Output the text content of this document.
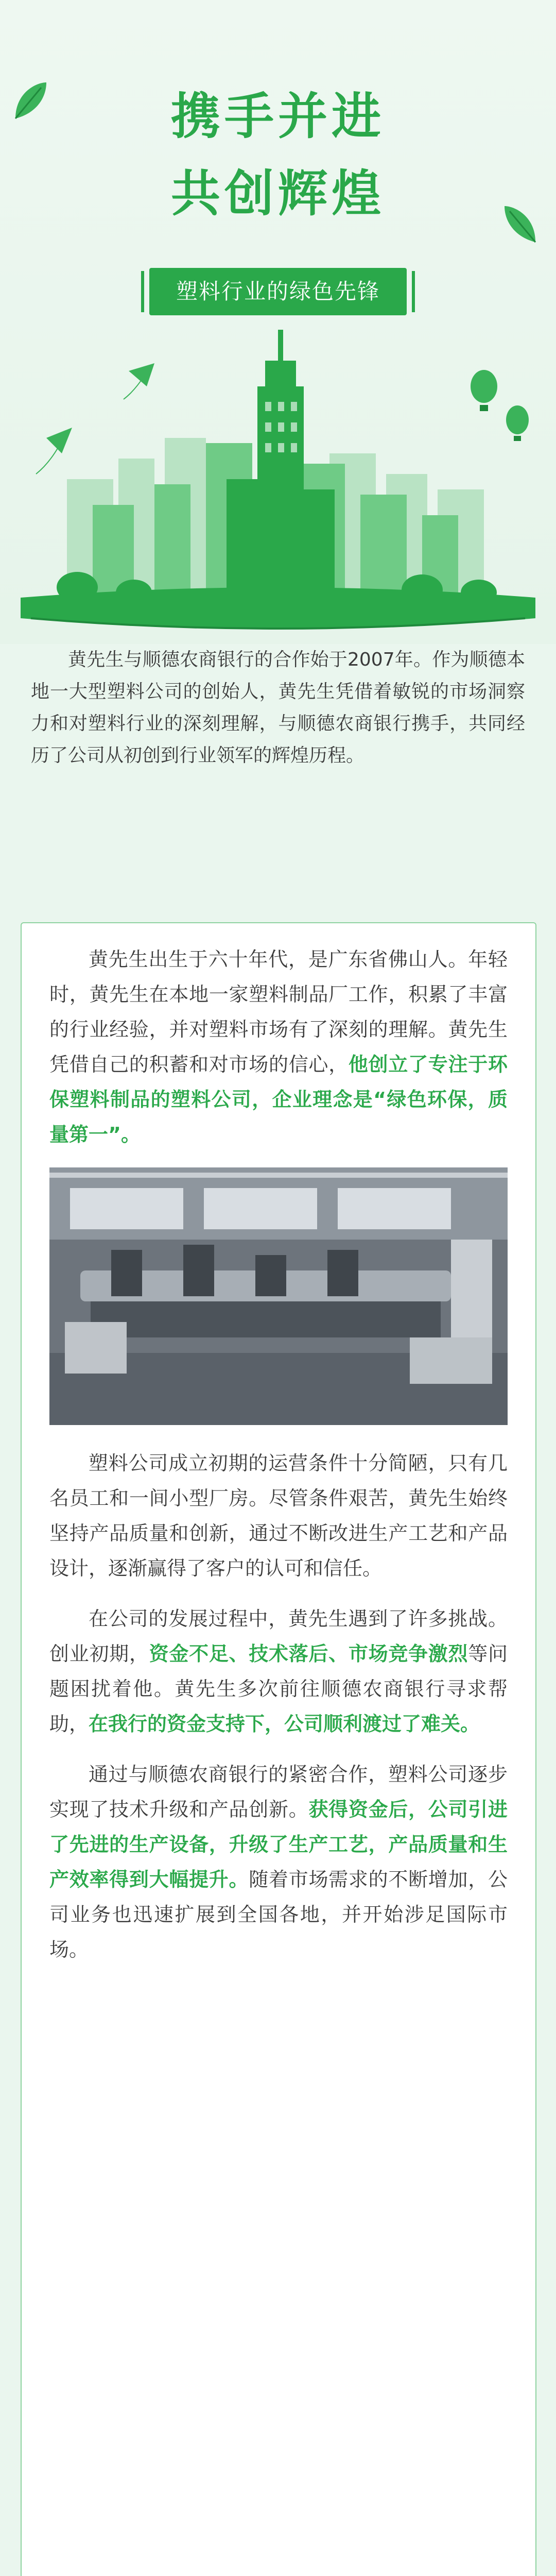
携手并进
共创辉煌
塑料行业的绿色先锋

黄先生与顺德农商银行的合作始于2007年。作为顺德本地一大型塑料公司的创始人，黄先生凭借着敏锐的市场洞察力和对塑料行业的深刻理解，与顺德农商银行携手，共同经历了公司从初创到行业领军的辉煌历程。

黄先生出生于六十年代，是广东省佛山人。年轻时，黄先生在本地一家塑料制品厂工作，积累了丰富的行业经验，并对塑料市场有了深刻的理解。黄先生凭借自己的积蓄和对市场的信心，他创立了专注于环保塑料制品的塑料公司，企业理念是“绿色环保，质量第一”。

塑料公司成立初期的运营条件十分简陋，只有几名员工和一间小型厂房。尽管条件艰苦，黄先生始终坚持产品质量和创新，通过不断改进生产工艺和产品设计，逐渐赢得了客户的认可和信任。

在公司的发展过程中，黄先生遇到了许多挑战。创业初期，资金不足、技术落后、市场竞争激烈等问题困扰着他。黄先生多次前往顺德农商银行寻求帮助，在我行的资金支持下，公司顺利渡过了难关。

通过与顺德农商银行的紧密合作，塑料公司逐步实现了技术升级和产品创新。获得资金后，公司引进了先进的生产设备，升级了生产工艺，产品质量和生产效率得到大幅提升。随着市场需求的不断增加，公司业务也迅速扩展到全国各地，并开始涉足国际市场。
